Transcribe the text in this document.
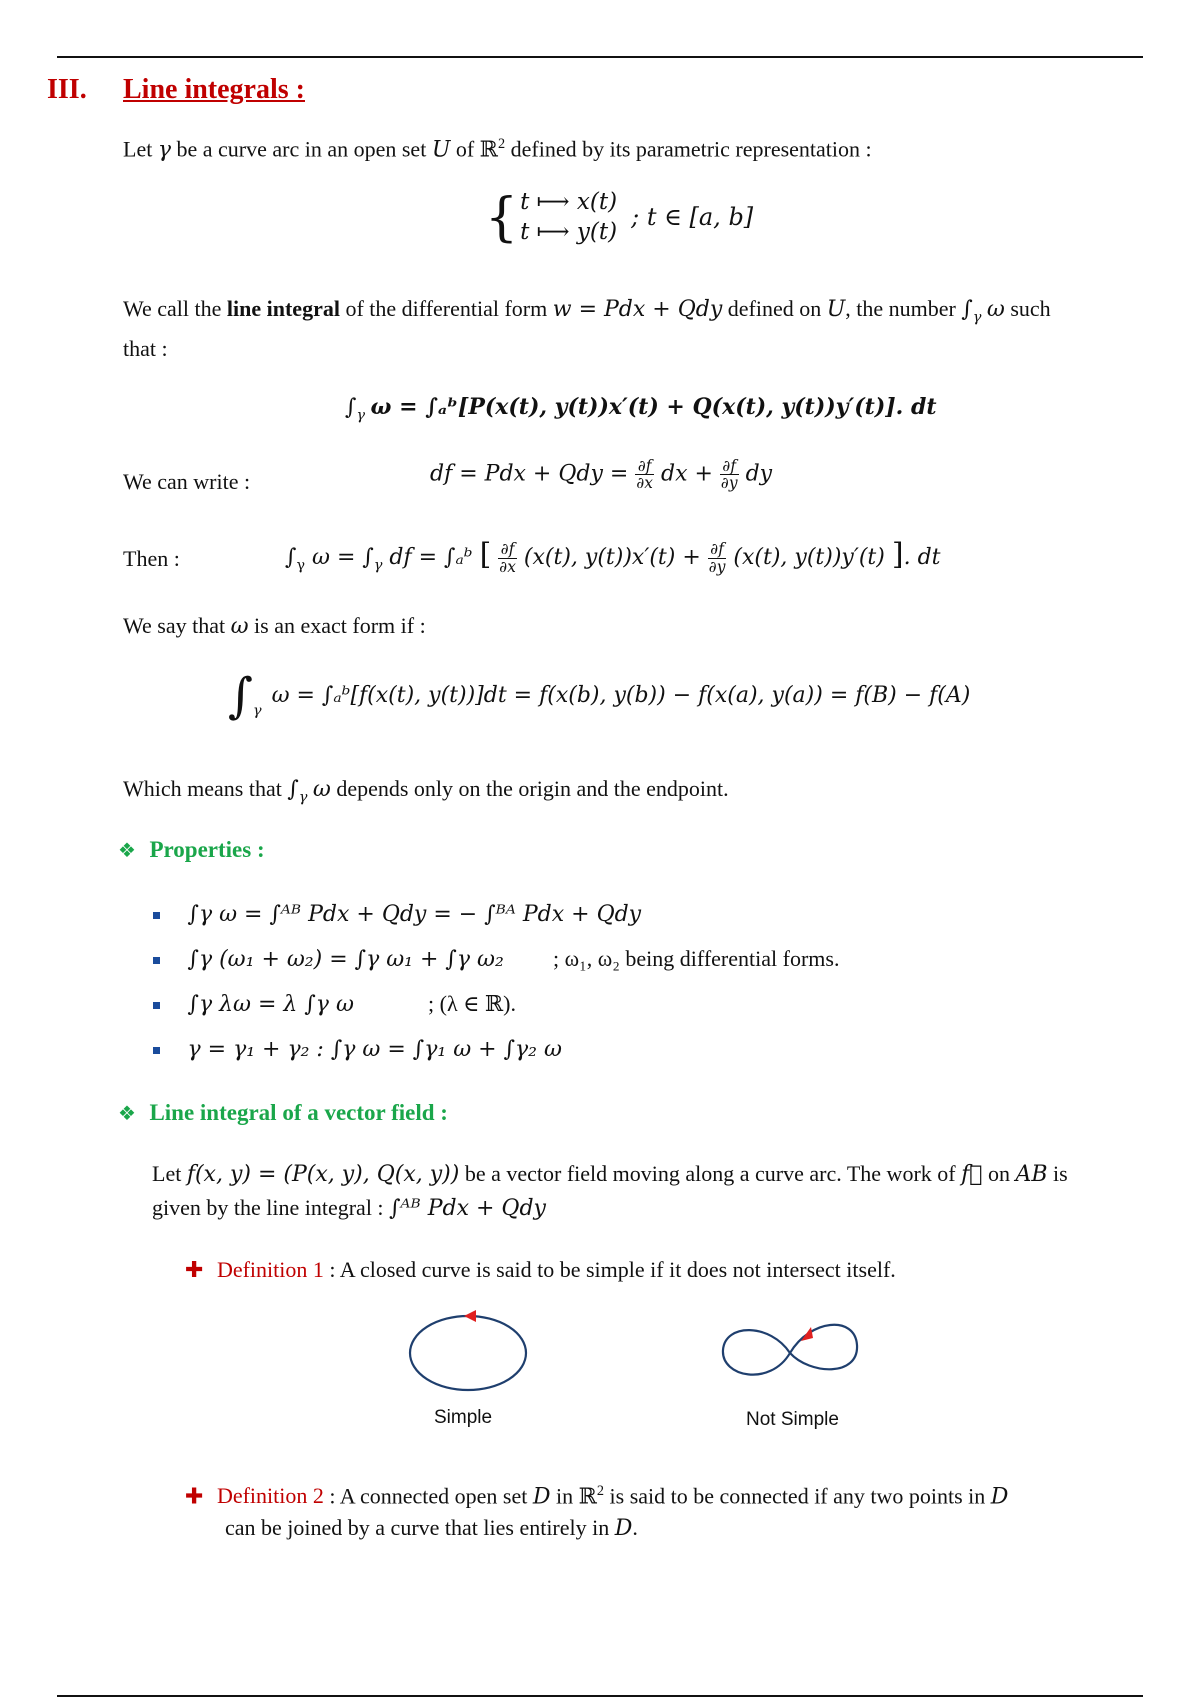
III. Line integrals :
Let γ be a curve arc in an open set U of ℝ$^2$ defined by its parametric representation :
{ t ⟼ x(t)
t ⟼ y(t)
; t ∈ [a, b]
We call the line integral of the differential form w = Pdx + Qdy defined on U, the number $\int_\gamma$ ω such
that :
$\int_\gamma$ ω = ∫ₐᵇ[P(x(t), y(t))x′(t) + Q(x(t), y(t))y′(t)]. dt
We can write :	df = Pdx + Qdy = $\frac{\partial f}{\partial x}$ dx + $\frac{\partial f}{\partial y}$ dy
Then :	$\int_\gamma$ $\omega = \int_\gamma$ df = ∫ₐᵇ [ $\frac{\partial f}{\partial x} (x(t)$, $y(t))x'(t) + \frac{\partial f}{\partial y} (x(t)$, y(t))y′(t) ]. dt
We say that ω is an exact form if :
∫ γ
ω = ∫ₐᵇ[f(x(t), y(t))]dt = f(x(b), y(b)) − f(x(a), y(a)) = f(B) − f(A)
Which means that $\int_\gamma$ ω depends only on the origin and the endpoint.
❖ Properties :
∫γ ω = ∫ᴬᴮ Pdx + Qdy = − ∫ᴮᴬ Pdx + Qdy
∫γ (ω₁ + ω₂) = ∫γ ω₁ + ∫γ ω₂ ; ω₁, ω₂ being differential forms.
∫γ λω = λ ∫γ ω	; (λ ∈ ℝ).
γ = γ₁ + γ₂ : ∫γ ω = ∫γ₁ ω + ∫γ₂ ω
❖ Line integral of a vector field :
Let f(x, y) = (P(x, y), Q(x, y)) be a vector field moving along a curve arc. The work of f⃗ on AB is
given by the line integral : ∫ᴬᴮ Pdx + Qdy
✚ Definition 1 : A closed curve is said to be simple if it does not intersect itself.
Simple	Not Simple
✚ Definition 2 : A connected open set D in ℝ$^2$ is said to be connected if any two points in D
can be joined by a curve that lies entirely in D.
